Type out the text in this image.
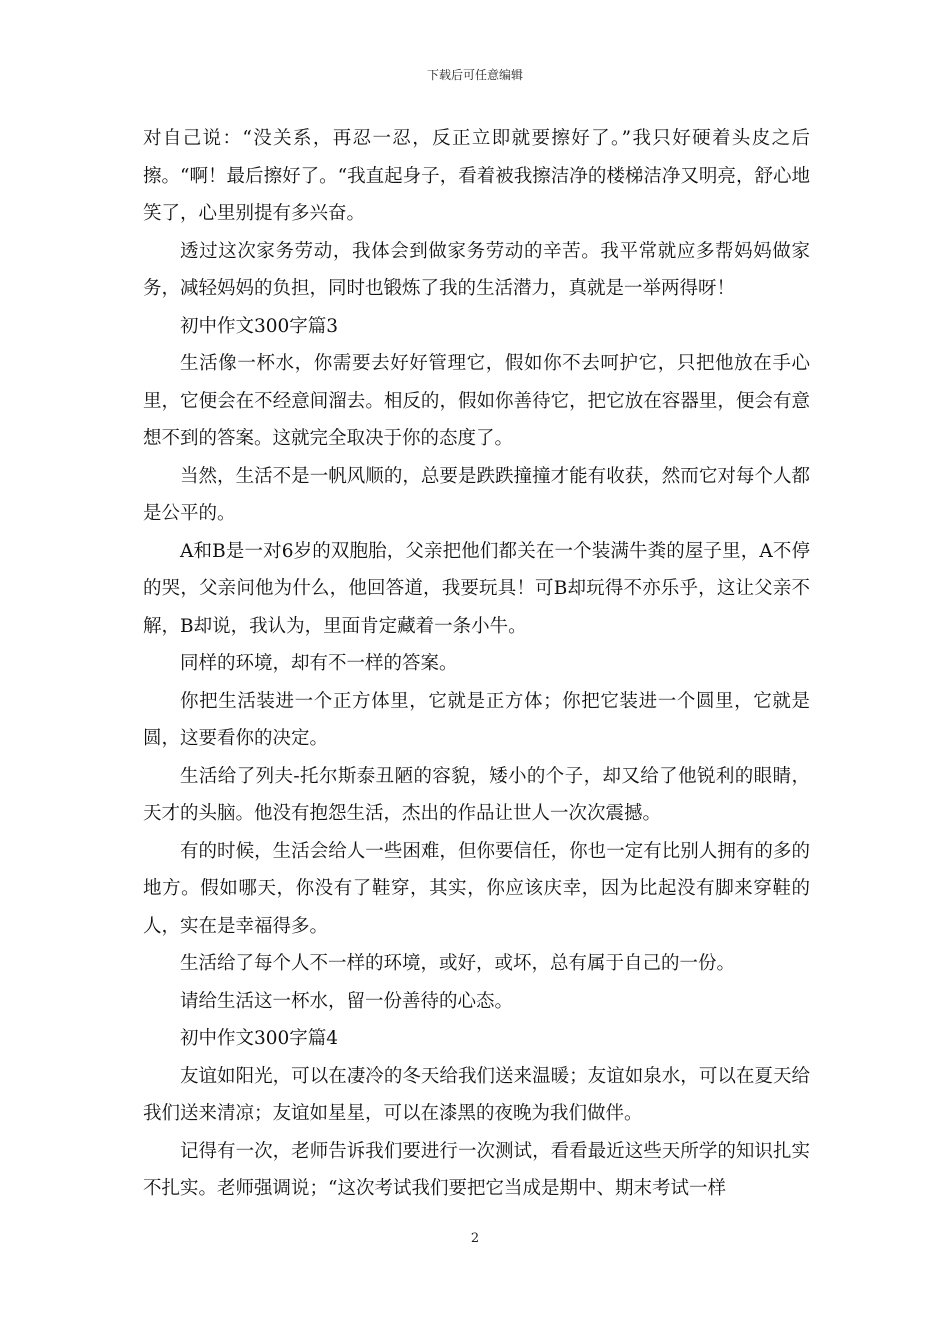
下载后可任意编辑

对自己说：“没关系，再忍一忍，反正立即就要擦好了。”我只好硬着头皮之后擦。“啊！最后擦好了。“我直起身子，看着被我擦洁净的楼梯洁净又明亮，舒心地笑了，心里别提有多兴奋。

透过这次家务劳动，我体会到做家务劳动的辛苦。我平常就应多帮妈妈做家务，减轻妈妈的负担，同时也锻炼了我的生活潜力，真就是一举两得呀！

初中作文300字篇3

生活像一杯水，你需要去好好管理它，假如你不去呵护它，只把他放在手心里，它便会在不经意间溜去。相反的，假如你善待它，把它放在容器里，便会有意想不到的答案。这就完全取决于你的态度了。

当然，生活不是一帆风顺的，总要是跌跌撞撞才能有收获，然而它对每个人都是公平的。

A和B是一对6岁的双胞胎，父亲把他们都关在一个装满牛粪的屋子里，A不停的哭，父亲问他为什么，他回答道，我要玩具！可B却玩得不亦乐乎，这让父亲不解，B却说，我认为，里面肯定藏着一条小牛。

同样的环境，却有不一样的答案。

你把生活装进一个正方体里，它就是正方体；你把它装进一个圆里，它就是圆，这要看你的决定。

生活给了列夫-托尔斯泰丑陋的容貌，矮小的个子，却又给了他锐利的眼睛，天才的头脑。他没有抱怨生活，杰出的作品让世人一次次震撼。

有的时候，生活会给人一些困难，但你要信任，你也一定有比别人拥有的多的地方。假如哪天，你没有了鞋穿，其实，你应该庆幸，因为比起没有脚来穿鞋的人，实在是幸福得多。

生活给了每个人不一样的环境，或好，或坏，总有属于自己的一份。

请给生活这一杯水，留一份善待的心态。

初中作文300字篇4

友谊如阳光，可以在凄冷的冬天给我们送来温暖；友谊如泉水，可以在夏天给我们送来清凉；友谊如星星，可以在漆黑的夜晚为我们做伴。

记得有一次，老师告诉我们要进行一次测试，看看最近这些天所学的知识扎实不扎实。老师强调说；“这次考试我们要把它当成是期中、期末考试一样

2
